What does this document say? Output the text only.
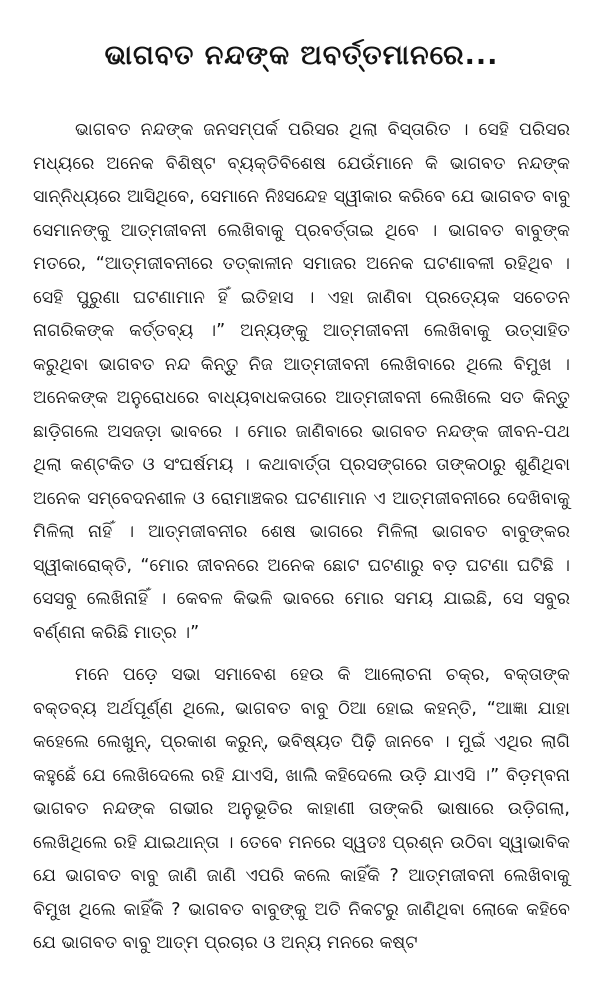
ଭାଗବତ ନନ୍ଦଙ୍କ ଅବର୍ତ୍ତମାନରେ...

ଭାଗବତ ନନ୍ଦଙ୍କ ଜନସମ୍ପର୍କ ପରିସର ଥିଲା ବିସ୍ତାରିତ । ସେହି ପରିସର ମଧ୍ୟରେ ଅନେକ ବିଶିଷ୍ଟ ବ୍ୟକ୍ତିବିଶେଷ ଯେଉଁମାନେ କି ଭାଗବତ ନନ୍ଦଙ୍କ ସାନ୍ନିଧ୍ୟରେ ଆସିଥିବେ, ସେମାନେ ନିଃସନ୍ଦେହ ସ୍ୱୀକାର କରିବେ ଯେ ଭାଗବତ ବାବୁ ସେମାନଙ୍କୁ ଆତ୍ମଜୀବନୀ ଲେଖିବାକୁ ପ୍ରବର୍ତ୍ତାଇ ଥିବେ । ଭାଗବତ ବାବୁଙ୍କ ମତରେ, “ଆତ୍ମଜୀବନୀରେ ତତ୍କାଳୀନ ସମାଜର ଅନେକ ଘଟଣାବଳୀ ରହିଥିବ । ସେହି ପୁରୁଣା ଘଟଣାମାନ ହିଁ ଇତିହାସ । ଏହା ଜାଣିବା ପ୍ରତ୍ୟେକ ସଚେତନ ନାଗରିକଙ୍କ କର୍ତ୍ତବ୍ୟ ।” ଅନ୍ୟଙ୍କୁ ଆତ୍ମଜୀବନୀ ଲେଖିବାକୁ ଉତ୍ସାହିତ କରୁଥିବା ଭାଗବତ ନନ୍ଦ କିନ୍ତୁ ନିଜ ଆତ୍ମଜୀବନୀ ଲେଖିବାରେ ଥିଲେ ବିମୁଖ । ଅନେକଙ୍କ ଅନୁରୋଧରେ ବାଧ୍ୟବାଧକତାରେ ଆତ୍ମଜୀବନୀ ଲେଖିଲେ ସତ କିନ୍ତୁ ଛାଡ଼ିଗଲେ ଅସଜଡ଼ା ଭାବରେ । ମୋର ଜାଣିବାରେ ଭାଗବତ ନନ୍ଦଙ୍କ ଜୀବନ-ପଥ ଥିଲା କଣ୍ଟକିତ ଓ ସଂଘର୍ଷମୟ । କଥାବାର୍ତ୍ତା ପ୍ରସଙ୍ଗରେ ତାଙ୍କଠାରୁ ଶୁଣିଥିବା ଅନେକ ସମ୍ବେଦନଶୀଳ ଓ ରୋମାଞ୍ଚକର ଘଟଣାମାନ ଏ ଆତ୍ମଜୀବନୀରେ ଦେଖିବାକୁ ମିଳିଲା ନାହିଁ । ଆତ୍ମଜୀବନୀର ଶେଷ ଭାଗରେ ମିଳିଲା ଭାଗବତ ବାବୁଙ୍କର ସ୍ୱୀକାରୋକ୍ତି, “ମୋର ଜୀବନରେ ଅନେକ ଛୋଟ ଘଟଣାରୁ ବଡ଼ ଘଟଣା ଘଟିଛି । ସେସବୁ ଲେଖିନାହିଁ । କେବଳ କିଭଳି ଭାବରେ ମୋର ସମୟ ଯାଇଛି, ସେ ସବୁର ବର୍ଣ୍ଣନା କରିଛି ମାତ୍ର ।”

ମନେ ପଡ଼େ ସଭା ସମାବେଶ ହେଉ କି ଆଲୋଚନା ଚକ୍ର, ବକ୍ତାଙ୍କ ବକ୍ତବ୍ୟ ଅର୍ଥପୂର୍ଣ୍ଣ ଥିଲେ, ଭାଗବତ ବାବୁ ଠିଆ ହୋଇ କହନ୍ତି, “ଆଜ୍ଞା ଯାହା କହେଲେ ଲେଖୁନ୍, ପ୍ରକାଶ କରୁନ୍, ଭବିଷ୍ୟତ ପିଢ଼ି ଜାନବେ । ମୁଇଁ ଏଥିର ଲାଗି କହୁଛେଁ ଯେ ଲେଖିଦେଲେ ରହି ଯାଏସି, ଖାଲି କହିଦେଲେ ଉଡ଼ି ଯାଏସି ।” ବିଡ଼ମ୍ବନା ଭାଗବତ ନନ୍ଦଙ୍କ ଗଭୀର ଅନୁଭୂତିର କାହାଣୀ ତାଙ୍କରି ଭାଷାରେ ଉଡ଼ିଗଲା, ଲେଖିଥିଲେ ରହି ଯାଇଥାନ୍ତା । ତେବେ ମନରେ ସ୍ୱତଃ ପ୍ରଶ୍ନ ଉଠିବା ସ୍ୱାଭାବିକ ଯେ ଭାଗବତ ବାବୁ ଜାଣି ଜାଣି ଏପରି କଲେ କାହିଁକି ? ଆତ୍ମଜୀବନୀ ଲେଖିବାକୁ ବିମୁଖ ଥିଲେ କାହିଁକି ? ଭାଗବତ ବାବୁଙ୍କୁ ଅତି ନିକଟରୁ ଜାଣିଥିବା ଲୋକେ କହିବେ ଯେ ଭାଗବତ ବାବୁ ଆତ୍ମ ପ୍ରଚାର ଓ ଅନ୍ୟ ମନରେ କଷ୍ଟ
